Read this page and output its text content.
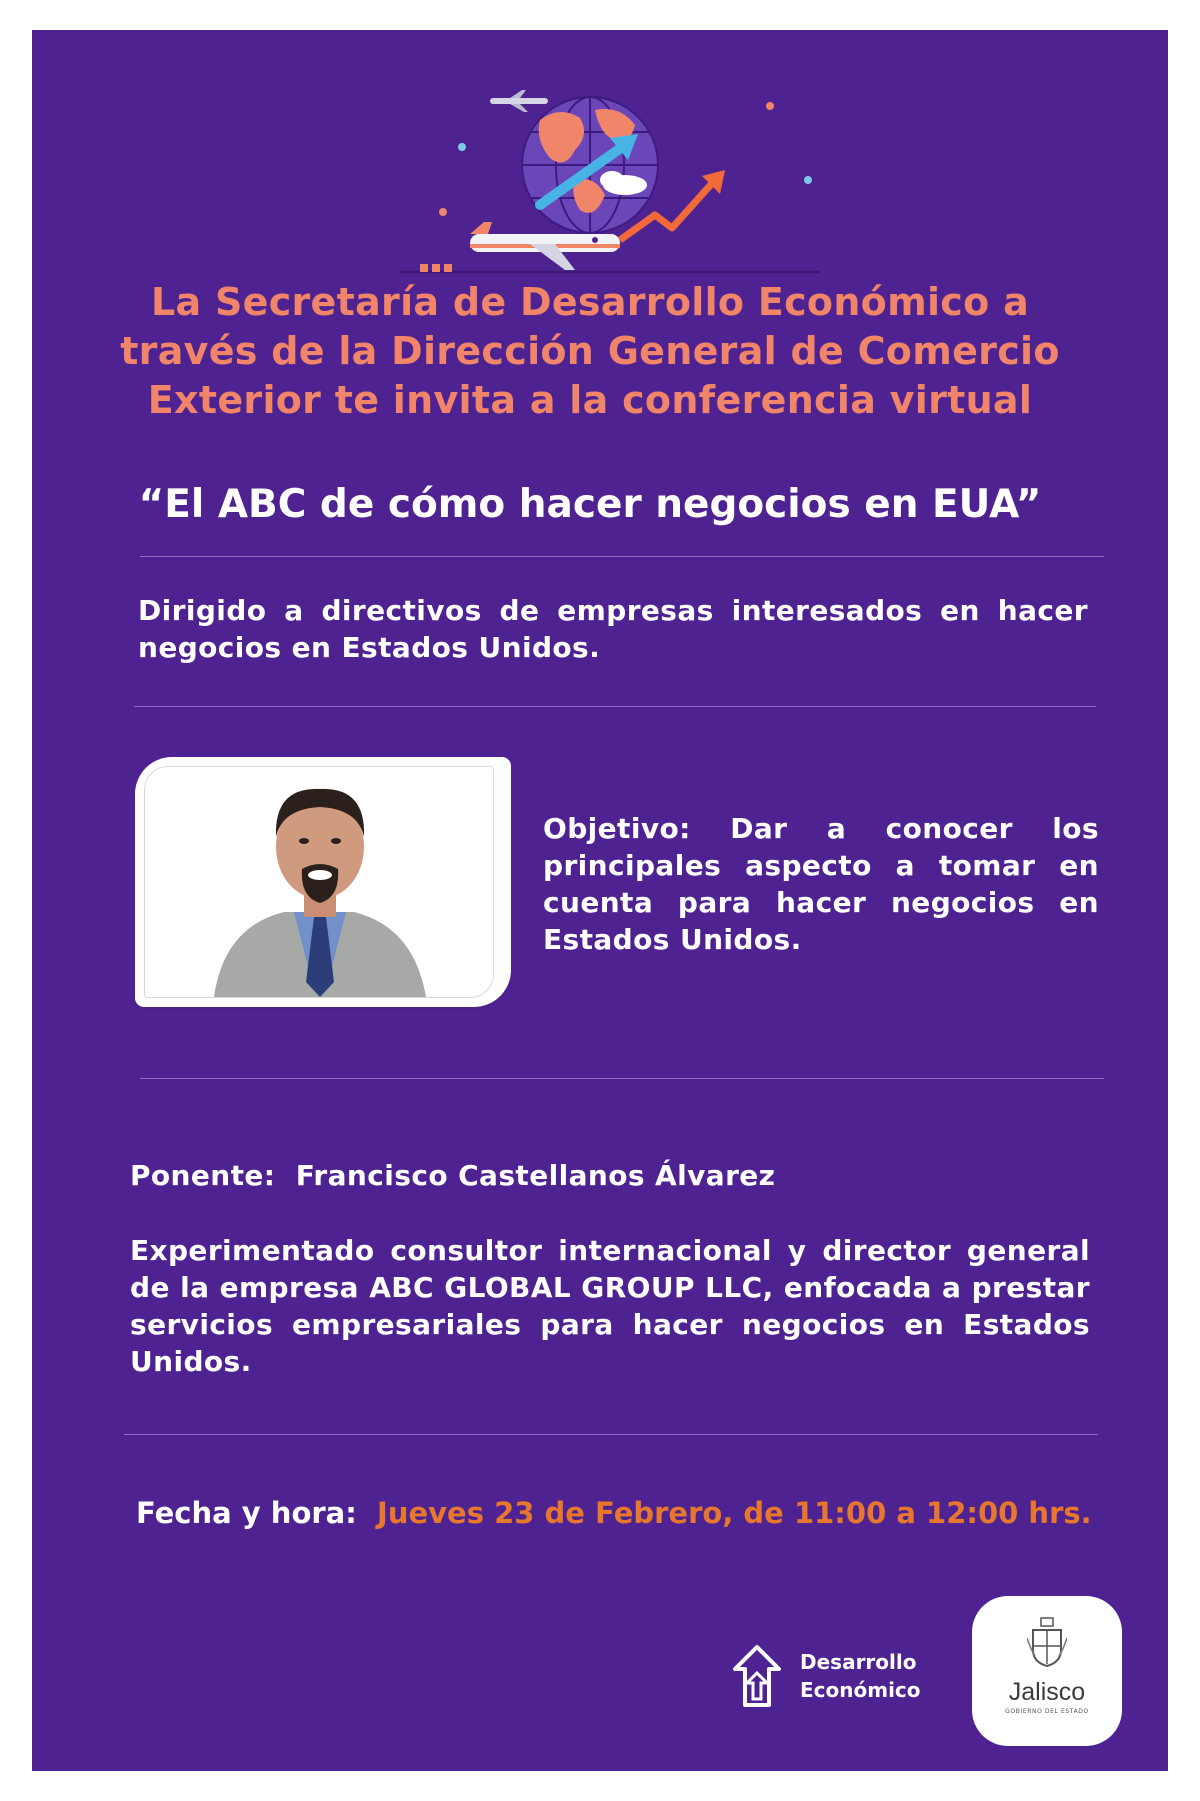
La Secretaría de Desarrollo Económico a través de la Dirección General de Comercio Exterior te invita a la conferencia virtual
“El ABC de cómo hacer negocios en EUA”
Dirigido a directivos de empresas interesados en hacer negocios en Estados Unidos.
Objetivo: Dar a conocer los principales aspecto a tomar en cuenta para hacer negocios en Estados Unidos.
Ponente: Francisco Castellanos Álvarez
Experimentado consultor internacional y director general de la empresa ABC GLOBAL GROUP LLC, enfocada a prestar servicios empresariales para hacer negocios en Estados Unidos.
Fecha y hora: Jueves 23 de Febrero, de 11:00 a 12:00 hrs.
Desarrollo
Económico	Jalisco
GOBIERNO DEL ESTADO
